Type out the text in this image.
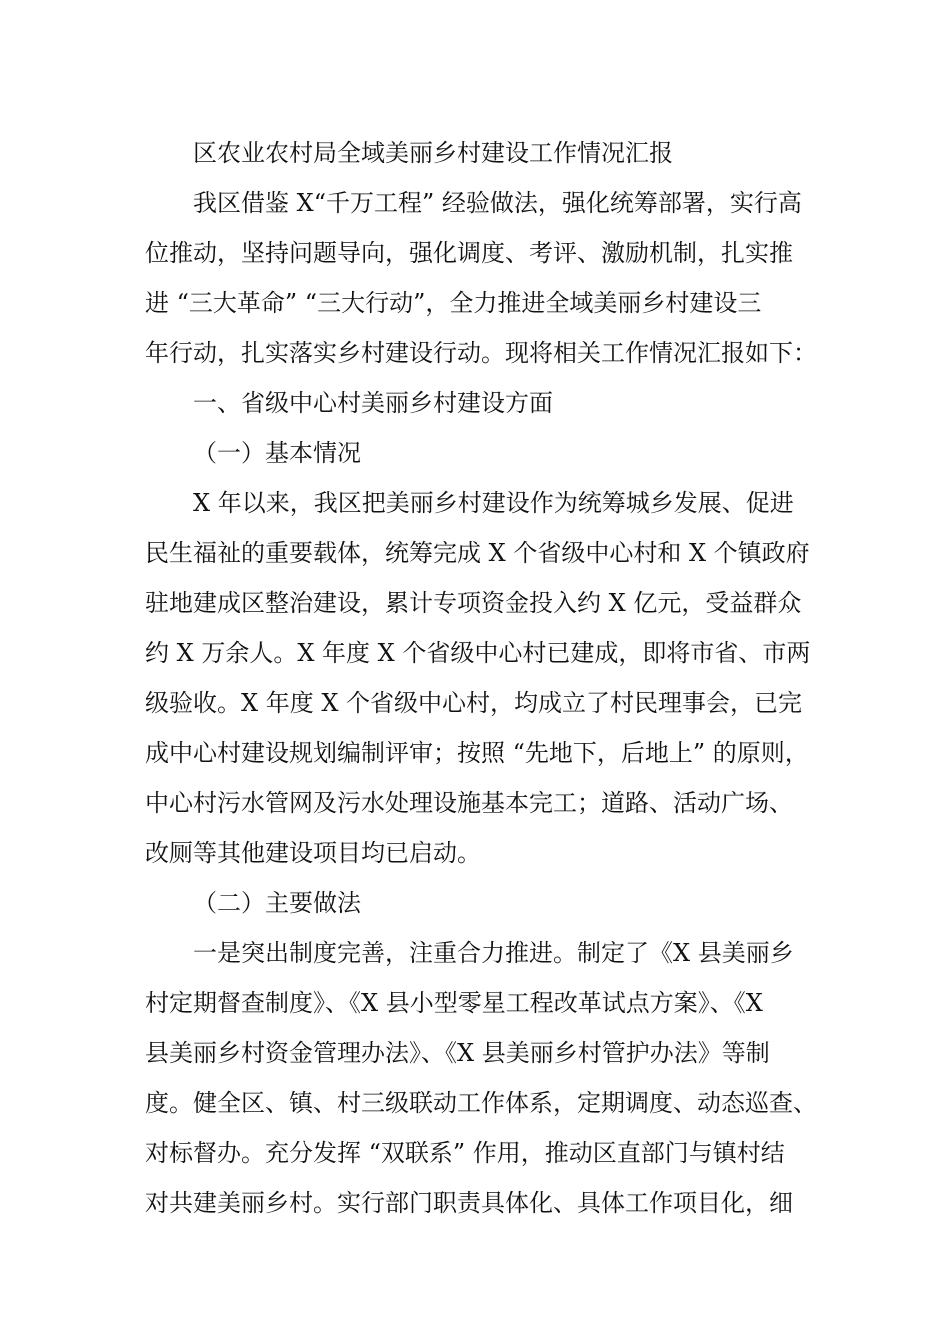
区农业农村局全域美丽乡村建设工作情况汇报
我区借鉴 X“千万工程” 经验做法，强化统筹部署，实行高
位推动，坚持问题导向，强化调度、考评、激励机制，扎实推
进 “三大革命” “三大行动”，全力推进全域美丽乡村建设三
年行动，扎实落实乡村建设行动。现将相关工作情况汇报如下：
一、省级中心村美丽乡村建设方面
（一）基本情况
X 年以来，我区把美丽乡村建设作为统筹城乡发展、促进
民生福祉的重要载体，统筹完成 X 个省级中心村和 X 个镇政府
驻地建成区整治建设，累计专项资金投入约 X 亿元，受益群众
约 X 万余人。X 年度 X 个省级中心村已建成，即将市省、市两
级验收。X 年度 X 个省级中心村，均成立了村民理事会，已完
成中心村建设规划编制评审；按照 “先地下，后地上” 的原则，
中心村污水管网及污水处理设施基本完工；道路、活动广场、
改厕等其他建设项目均已启动。
（二）主要做法
一是突出制度完善，注重合力推进。制定了《X 县美丽乡
村定期督查制度》、《X 县小型零星工程改革试点方案》、《X
县美丽乡村资金管理办法》、《X 县美丽乡村管护办法》等制
度。健全区、镇、村三级联动工作体系，定期调度、动态巡查、
对标督办。充分发挥 “双联系” 作用，推动区直部门与镇村结
对共建美丽乡村。实行部门职责具体化、具体工作项目化，细
